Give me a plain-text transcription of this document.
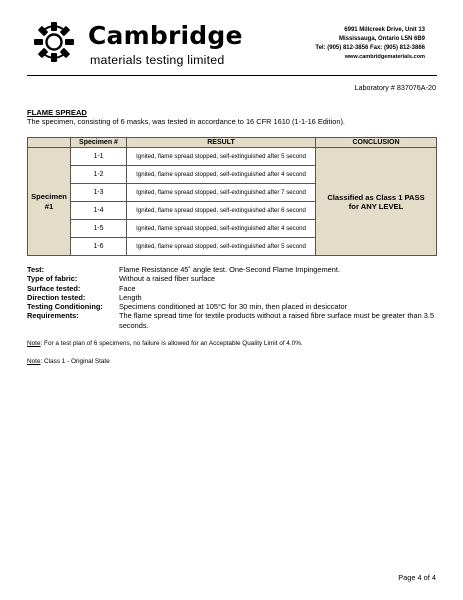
Cambridge
materials testing limited
6991 Millcreek Drive, Unit 13
Mississauga, Ontario L5N 6B9
Tel: (905) 812-3856 Fax: (905) 812-3866
www.cambridgematerials.com
Laboratory # 837076A-20
FLAME SPREAD
The specimen, consisting of 6 masks, was tested in accordance to 16 CFR 1610 (1-1-16 Edition).
	Specimen #	RESULT	CONCLUSION
Specimen #1	1-1	Ignited, flame spread stopped, self-extinguished after 5 second	Classified as Class 1 PASS for ANY LEVEL
	1-2	Ignited, flame spread stopped, self-extinguished after 4 second	
	1-3	Ignited, flame spread stopped, self-extinguished after 7 second	
	1-4	Ignited, flame spread stopped, self-extinguished after 6 second	
	1-5	Ignited, flame spread stopped, self-extinguished after 4 second	
	1-6	Ignited, flame spread stopped, self-extinguished after 5 second	
Test:	Flame Resistance 45˚ angle test. One-Second Flame Impingement.
Type of fabric:	Without a raised fiber surface
Surface tested:	Face
Direction tested:	Length
Testing Conditioning:	Specimens conditioned at 105°C for 30 min, then placed in desiccator
Requirements:	The flame spread time for textile products without a raised fibre surface must be greater than 3.5 seconds.
Note: For a test plan of 6 specimens, no failure is allowed for an Acceptable Quality Limit of 4.0%.
Note: Class 1 - Original State
Page 4 of 4
